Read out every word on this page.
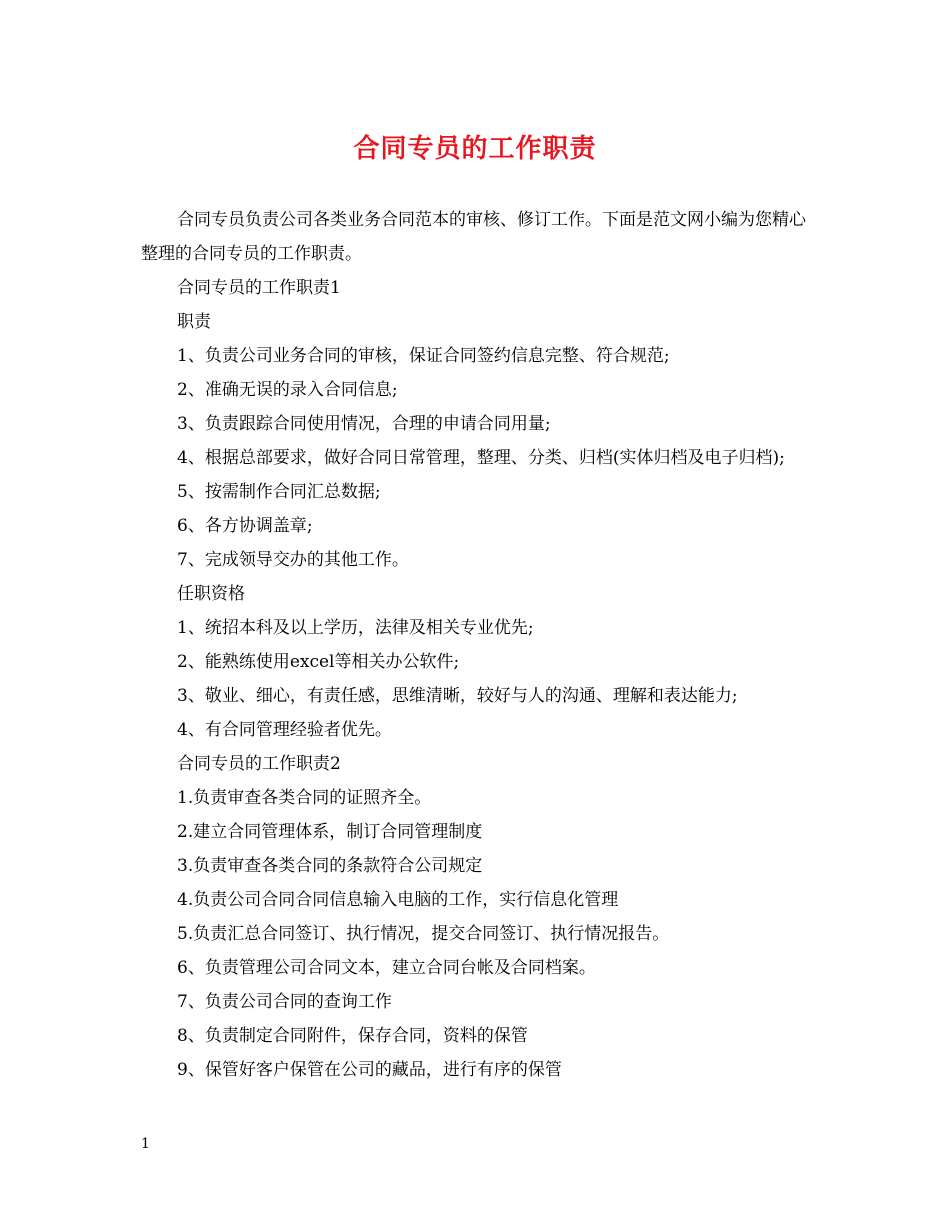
合同专员的工作职责

合同专员负责公司各类业务合同范本的审核、修订工作。下面是范文网小编为您精心整理的合同专员的工作职责。

合同专员的工作职责1

职责

1、负责公司业务合同的审核，保证合同签约信息完整、符合规范;

2、准确无误的录入合同信息;

3、负责跟踪合同使用情况，合理的申请合同用量;

4、根据总部要求，做好合同日常管理，整理、分类、归档(实体归档及电子归档);

5、按需制作合同汇总数据;

6、各方协调盖章;

7、完成领导交办的其他工作。

任职资格

1、统招本科及以上学历，法律及相关专业优先;

2、能熟练使用excel等相关办公软件;

3、敬业、细心，有责任感，思维清晰，较好与人的沟通、理解和表达能力;

4、有合同管理经验者优先。

合同专员的工作职责2

1.负责审查各类合同的证照齐全。

2.建立合同管理体系，制订合同管理制度

3.负责审查各类合同的条款符合公司规定

4.负责公司合同合同信息输入电脑的工作，实行信息化管理

5.负责汇总合同签订、执行情况，提交合同签订、执行情况报告。

6、负责管理公司合同文本，建立合同台帐及合同档案。

7、负责公司合同的查询工作

8、负责制定合同附件，保存合同，资料的保管

9、保管好客户保管在公司的藏品，进行有序的保管

1
